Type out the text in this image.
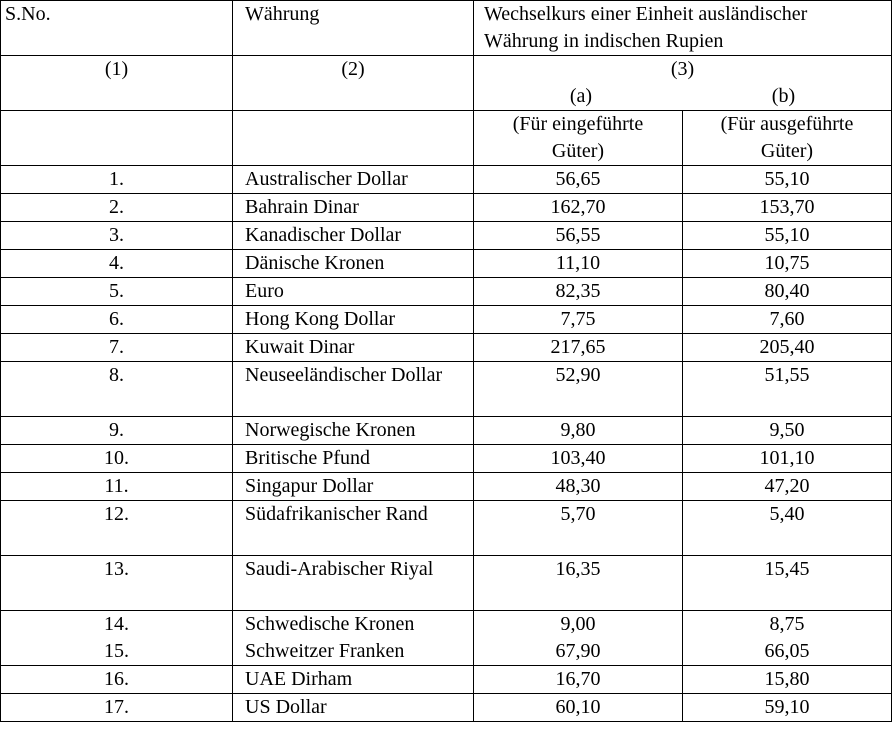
S.No.	Währung	Wechselkurs einer Einheit ausländischer Währung in indischen Rupien	
(1)	(2)	(3)
(a) (b)	

		(Für eingeführte Güter)	(Für ausgeführte Güter)
1.	Australischer Dollar	56,65	55,10
2.	Bahrain Dinar	162,70	153,70
3.	Kanadischer Dollar	56,55	55,10
4.	Dänische Kronen	11,10	10,75
5.	Euro	82,35	80,40
6.	Hong Kong Dollar	7,75	7,60
7.	Kuwait Dinar	217,65	205,40
8.	Neuseeländischer Dollar	52,90	51,55
9.	Norwegische Kronen	9,80	9,50
10.	Britische Pfund	103,40	101,10
11.	Singapur Dollar	48,30	47,20
12.	Südafrikanischer Rand	5,70	5,40
13.	Saudi-Arabischer Riyal	16,35	15,45
14.	Schwedische Kronen	9,00	8,75
15.	Schweitzer Franken	67,90	66,05
16.	UAE Dirham	16,70	15,80
17.	US Dollar	60,10	59,10
